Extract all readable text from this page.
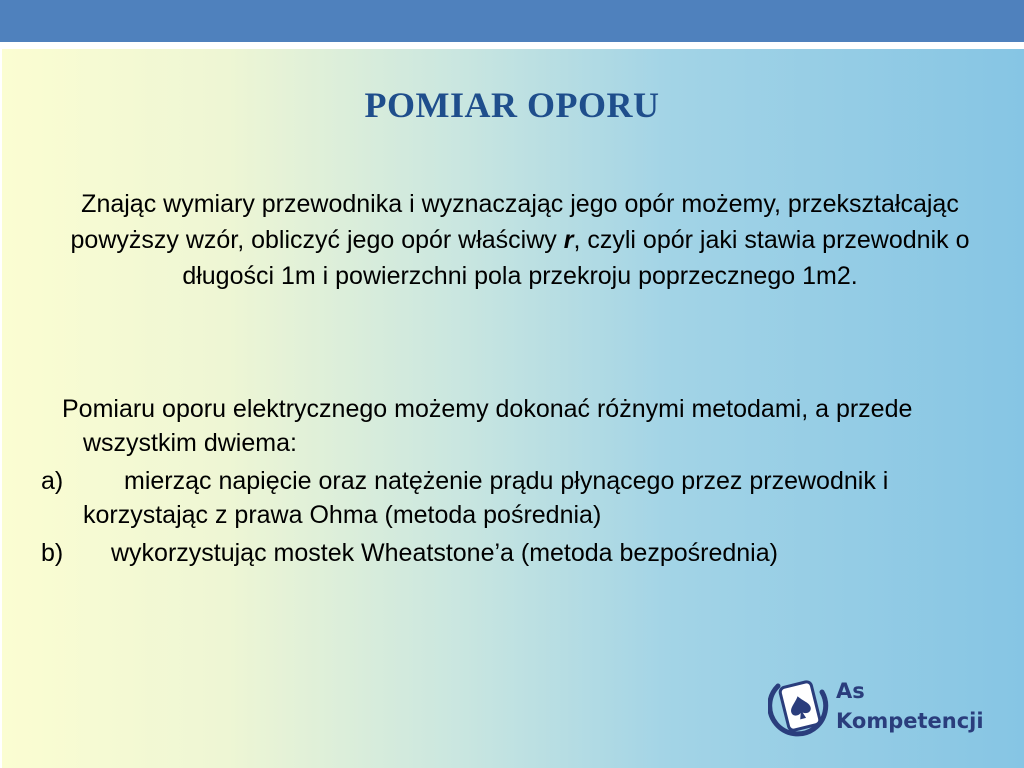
POMIAR OPORU

Znając wymiary przewodnika i wyznaczając jego opór możemy, przekształcając powyższy wzór, obliczyć jego opór właściwy r, czyli opór jaki stawia przewodnik o długości 1m i powierzchni pola przekroju poprzecznego 1m2.

Pomiaru oporu elektrycznego możemy dokonać różnymi metodami, a przede wszystkim dwiema:

a) mierząc napięcie oraz natężenie prądu płynącego przez przewodnik i korzystając z prawa Ohma (metoda pośrednia)

b) wykorzystując mostek Wheatstone’a (metoda bezpośrednia)

As
Kompetencji
